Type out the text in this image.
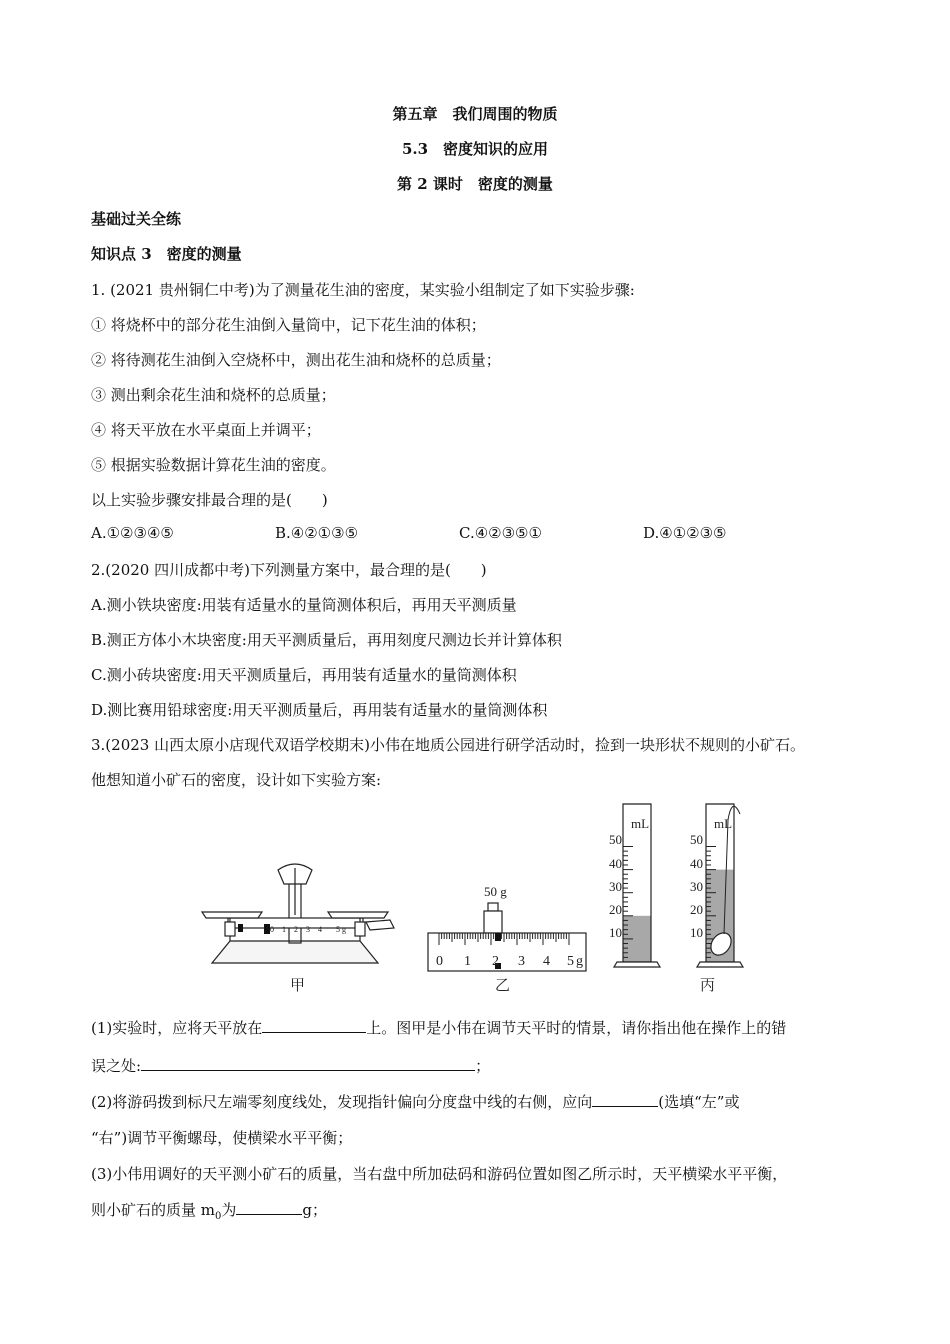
第五章　我们周围的物质
5.3　密度知识的应用
第 2 课时　密度的测量
基础过关全练
知识点 3　密度的测量
1. (2021 贵州铜仁中考)为了测量花生油的密度，某实验小组制定了如下实验步骤:
① 将烧杯中的部分花生油倒入量筒中，记下花生油的体积；
② 将待测花生油倒入空烧杯中，测出花生油和烧杯的总质量；
③ 测出剩余花生油和烧杯的总质量；
④ 将天平放在水平桌面上并调平；
⑤ 根据实验数据计算花生油的密度。
以上实验步骤安排最合理的是(　　)
A.①②③④⑤	B.④②①③⑤	C.④②③⑤①	D.④①②③⑤
2.(2020 四川成都中考)下列测量方案中，最合理的是(　　)
A.测小铁块密度:用装有适量水的量筒测体积后，再用天平测质量
B.测正方体小木块密度:用天平测质量后，再用刻度尺测边长并计算体积
C.测小砖块密度:用天平测质量后，再用装有适量水的量筒测体积
D.测比赛用铅球密度:用天平测质量后，再用装有适量水的量筒测体积
3.(2023 山西太原小店现代双语学校期末)小伟在地质公园进行研学活动时，捡到一块形状不规则的小矿石。
他想知道小矿石的密度，设计如下实验方案:
0 1 2 3 4 5 g
甲
50 g
0 1 2 3 4 5 g
乙
mL
50
40
30
20
10
mL
50
40
30
20
10
丙
(1)实验时，应将天平放在	上。图甲是小伟在调节天平时的情景，请你指出他在操作上的错
误之处:	；
(2)将游码拨到标尺左端零刻度线处，发现指针偏向分度盘中线的右侧，应向	(选填“左”或
“右”)调节平衡螺母，使横梁水平平衡；
(3)小伟用调好的天平测小矿石的质量，当右盘中所加砝码和游码位置如图乙所示时，天平横梁水平平衡，
则小矿石的质量 $m_0$为	g；
